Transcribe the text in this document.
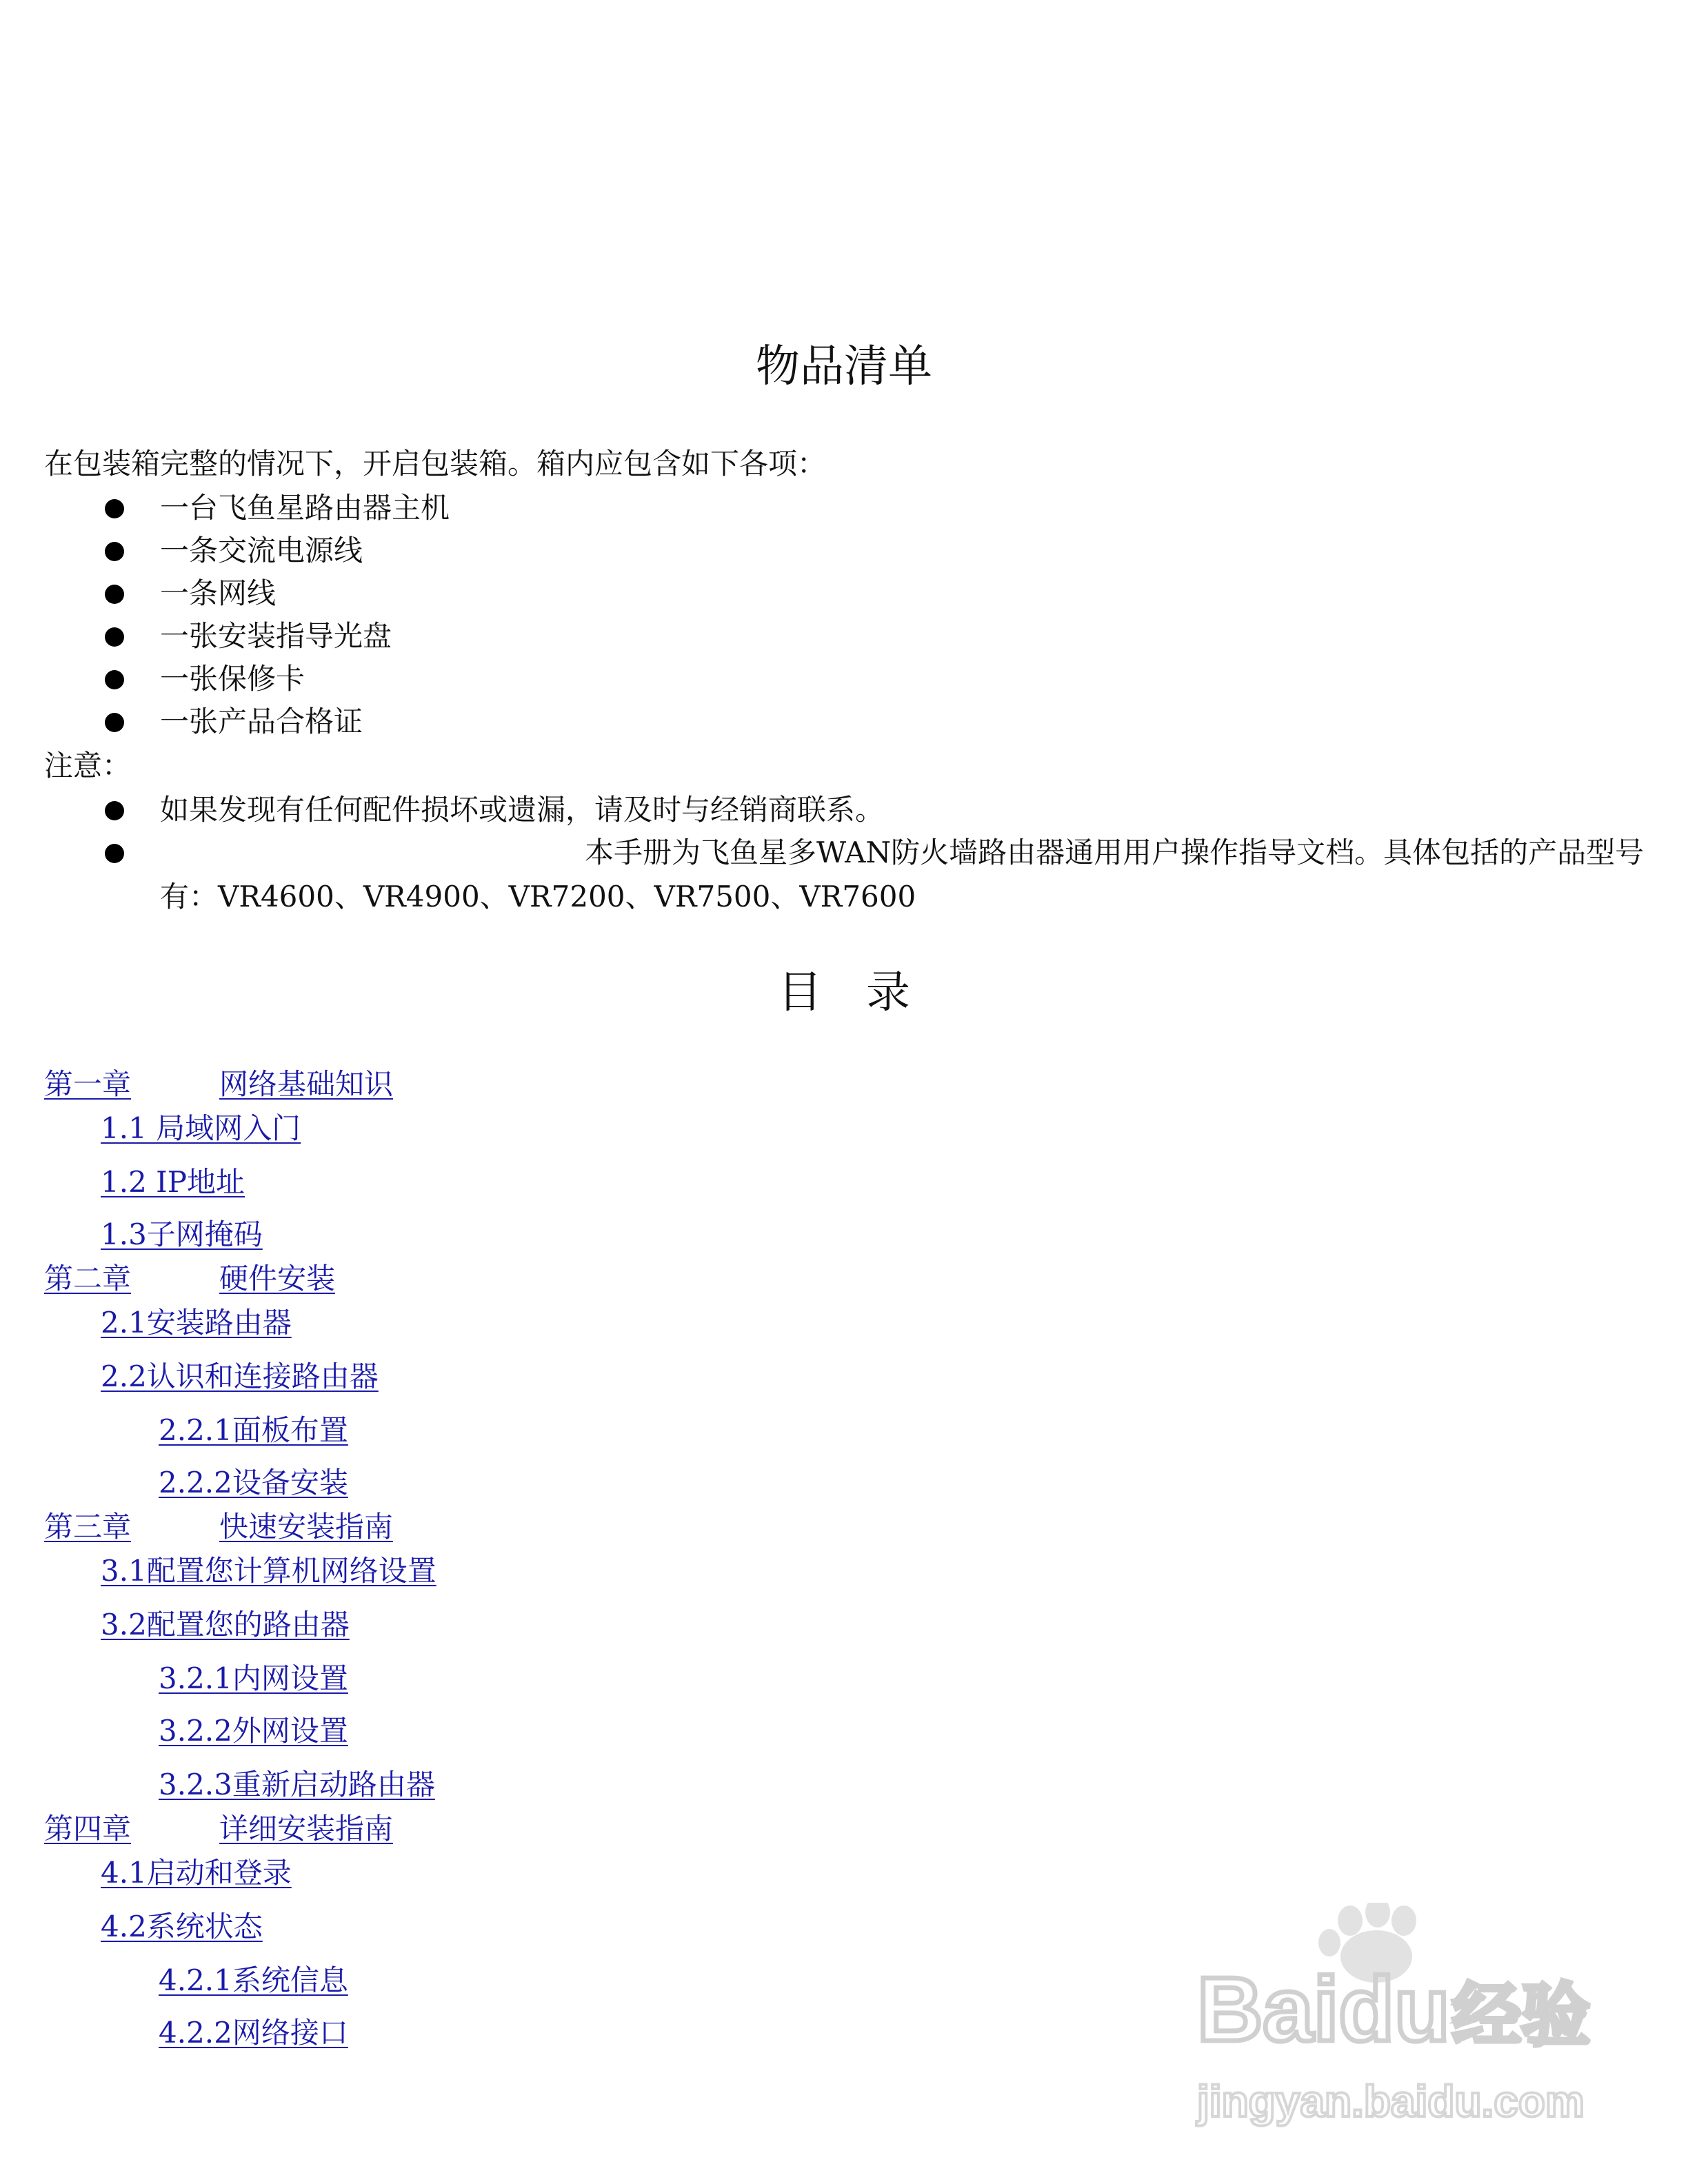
物品清单
在包装箱完整的情况下，开启包装箱。箱内应包含如下各项：
一台飞鱼星路由器主机
一条交流电源线
一条网线
一张安装指导光盘
一张保修卡
一张产品合格证
注意：
如果发现有任何配件损坏或遗漏，请及时与经销商联系。
本手册为飞鱼星多WAN防火墙路由器通用用户操作指导文档。具体包括的产品型号
有：VR4600、VR4900、VR7200、VR7500、VR7600
目　录
第一章	网络基础知识
1.1 局域网入门
1.2 IP地址
1.3子网掩码
第二章	硬件安装
2.1安装路由器
2.2认识和连接路由器
2.2.1面板布置
2.2.2设备安装
第三章	快速安装指南
3.1配置您计算机网络设置
3.2配置您的路由器
3.2.1内网设置
3.2.2外网设置
3.2.3重新启动路由器
第四章	详细安装指南
4.1启动和登录
4.2系统状态
4.2.1系统信息
4.2.2网络接口	Baidu 经验
jingyan.baidu.com
